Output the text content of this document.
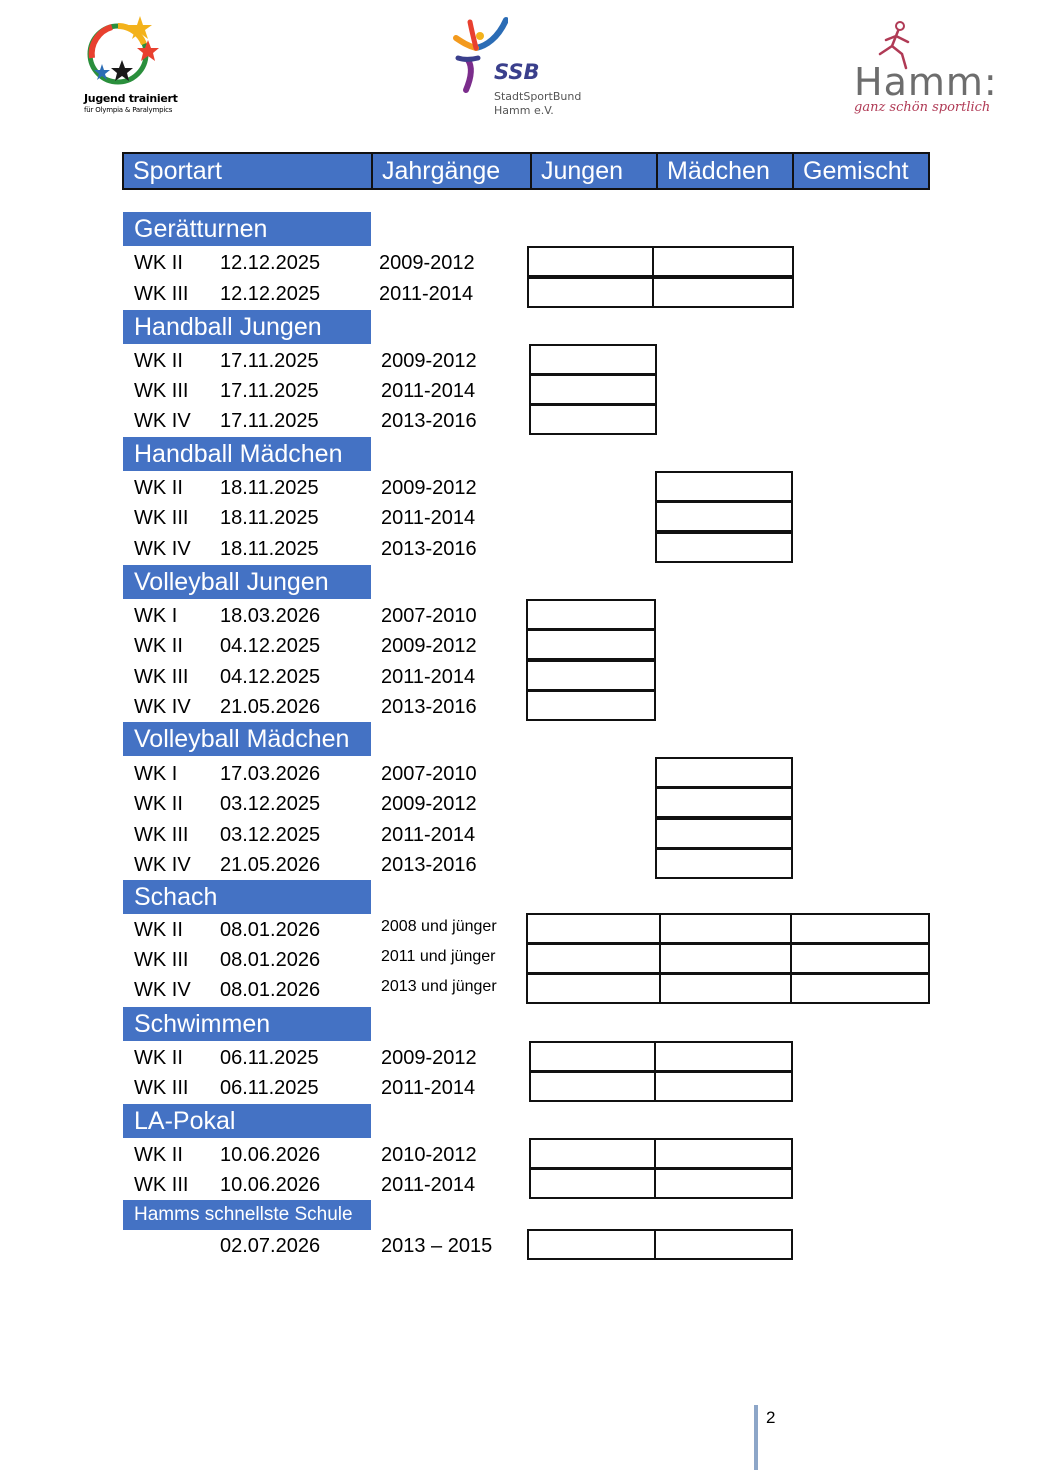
Jugend trainiert
für Olympia & Paralympics
SSB
StadtSportBund
Hamm e.V.
Hamm:
ganz schön sportlich
Sportart	Jahrgänge	Jungen	Mädchen	Gemischt
Gerätturnen
WK II 12.12.2025	2009-2012
WK III 12.12.2025	2011-2014
Handball Jungen
WK II 17.11.2025	2009-2012
WK III 17.11.2025	2011-2014
WK IV 17.11.2025	2013-2016
Handball Mädchen
WK II 18.11.2025	2009-2012
WK III 18.11.2025	2011-2014
WK IV 18.11.2025	2013-2016
Volleyball Jungen
WK I 18.03.2026	2007-2010
WK II 04.12.2025	2009-2012
WK III 04.12.2025	2011-2014
WK IV 21.05.2026	2013-2016
Volleyball Mädchen
WK I 17.03.2026	2007-2010
WK II 03.12.2025	2009-2012
WK III 03.12.2025	2011-2014
WK IV 21.05.2026	2013-2016
Schach
WK II 08.01.2026	2008 und jünger
WK III 08.01.2026	2011 und jünger
WK IV 08.01.2026	2013 und jünger
Schwimmen
WK II 06.11.2025	2009-2012
WK III 06.11.2025	2011-2014
LA-Pokal
WK II 10.06.2026	2010-2012
WK III 10.06.2026	2011-2014
Hamms schnellste Schule
02.07.2026	2013 – 2015
2
